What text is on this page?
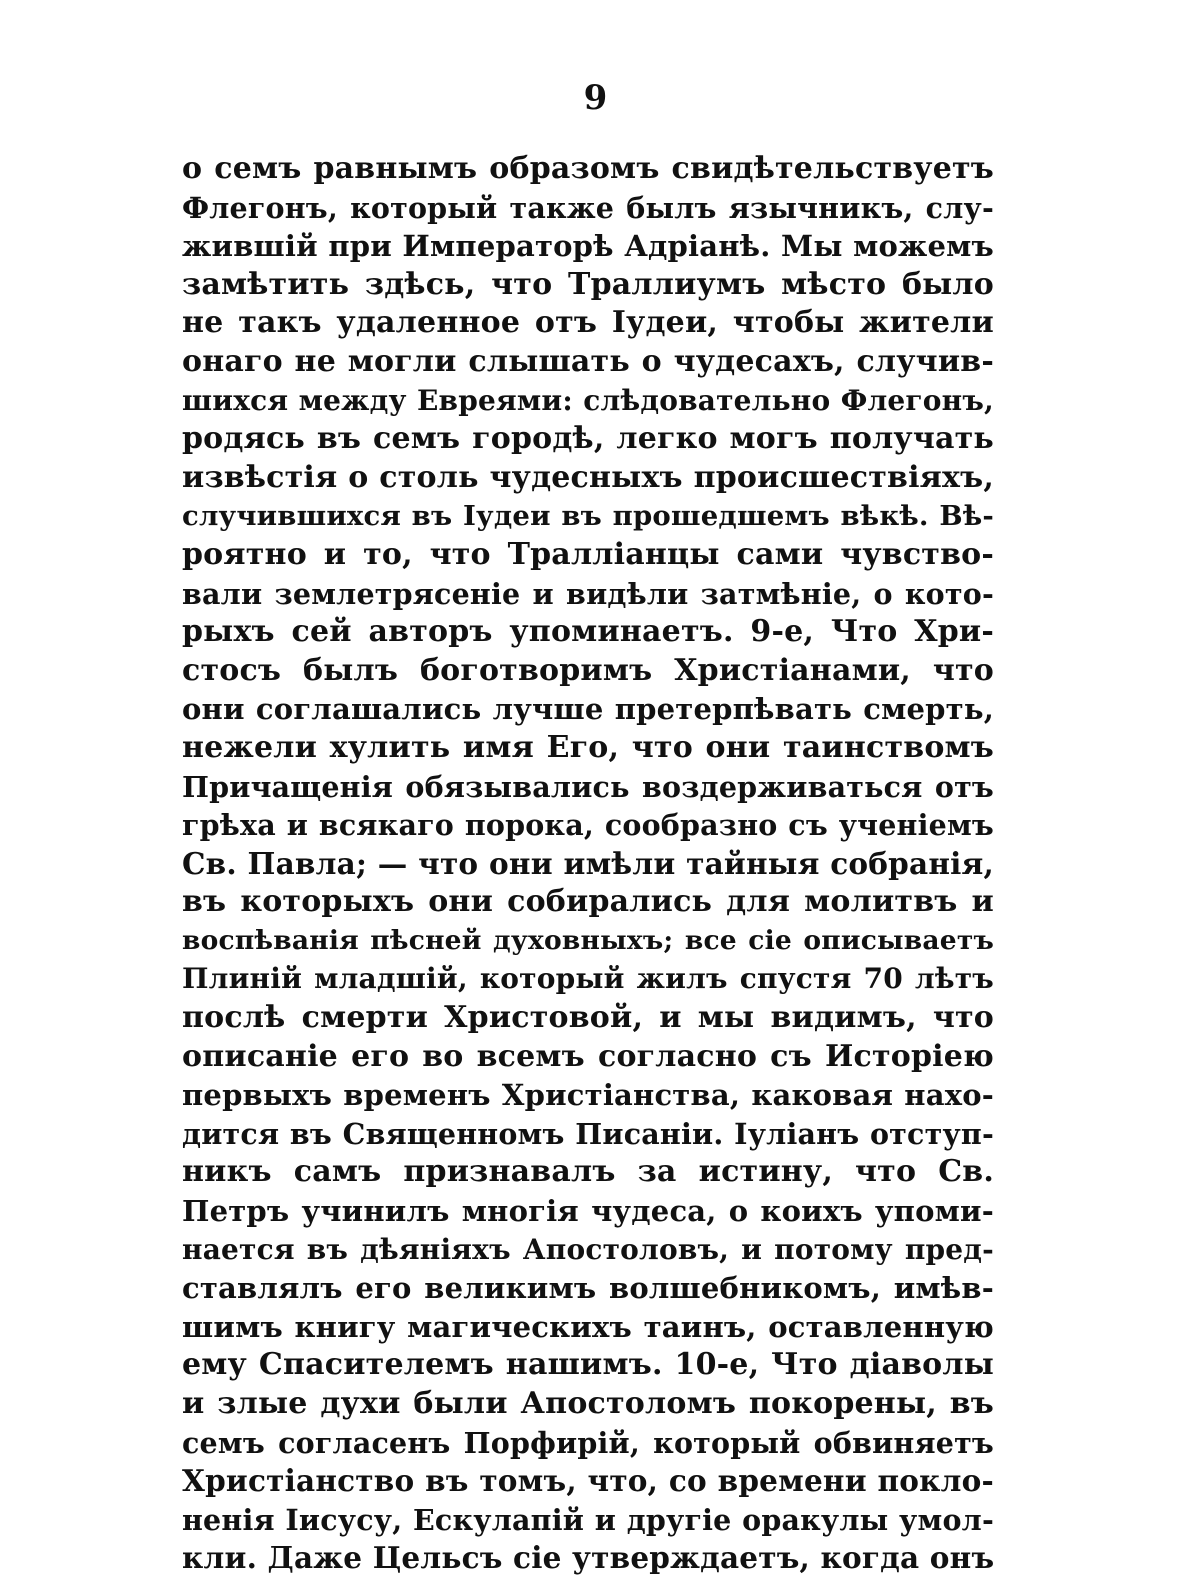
9
о семъ равнымъ образомъ свидѣтельствуетъ
Флегонъ, который также былъ язычникъ, слу-
жившій при Императорѣ Адріанѣ. Мы можемъ
замѣтить здѣсь, что Траллиумъ мѣсто было
не такъ удаленное отъ Іудеи, чтобы жители
онаго не могли слышать о чудесахъ, случив-
шихся между Евреями: слѣдовательно Флегонъ,
родясь въ семъ городѣ, легко могъ получать
извѣстія о столь чудесныхъ происшествіяхъ,
случившихся въ Іудеи въ прошедшемъ вѣкѣ. Вѣ-
роятно и то, что Тралліанцы сами чувство-
вали землетрясеніе и видѣли затмѣніе, о кото-
рыхъ сей авторъ упоминаетъ. 9-е, Что Хри-
стосъ былъ боготворимъ Христіанами, что
они соглашались лучше претерпѣвать смерть,
нежели хулить имя Его, что они таинствомъ
Причащенія обязывались воздерживаться отъ
грѣха и всякаго порока, сообразно съ ученіемъ
Св. Павла; — что они имѣли тайныя собранія,
въ которыхъ они собирались для молитвъ и
воспѣванія пѣсней духовныхъ; все сіе описываетъ
Плиній младшій, который жилъ спустя 70 лѣтъ
послѣ смерти Христовой, и мы видимъ, что
описаніе его во всемъ согласно съ Исторіею
первыхъ временъ Христіанства, каковая нахо-
дится въ Священномъ Писаніи. Іуліанъ отступ-
никъ самъ признавалъ за истину, что Св.
Петръ учинилъ многія чудеса, о коихъ упоми-
нается въ дѣяніяхъ Апостоловъ, и потому пред-
ставлялъ его великимъ волшебникомъ, имѣв-
шимъ книгу магическихъ таинъ, оставленную
ему Спасителемъ нашимъ. 10-е, Что діаволы
и злые духи были Апостоломъ покорены, въ
семъ согласенъ Порфирій, который обвиняетъ
Христіанство въ томъ, что, со времени покло-
ненія Іисусу, Ескулапій и другіе оракулы умол-
кли. Даже Цельсъ сіе утверждаетъ, когда онъ
